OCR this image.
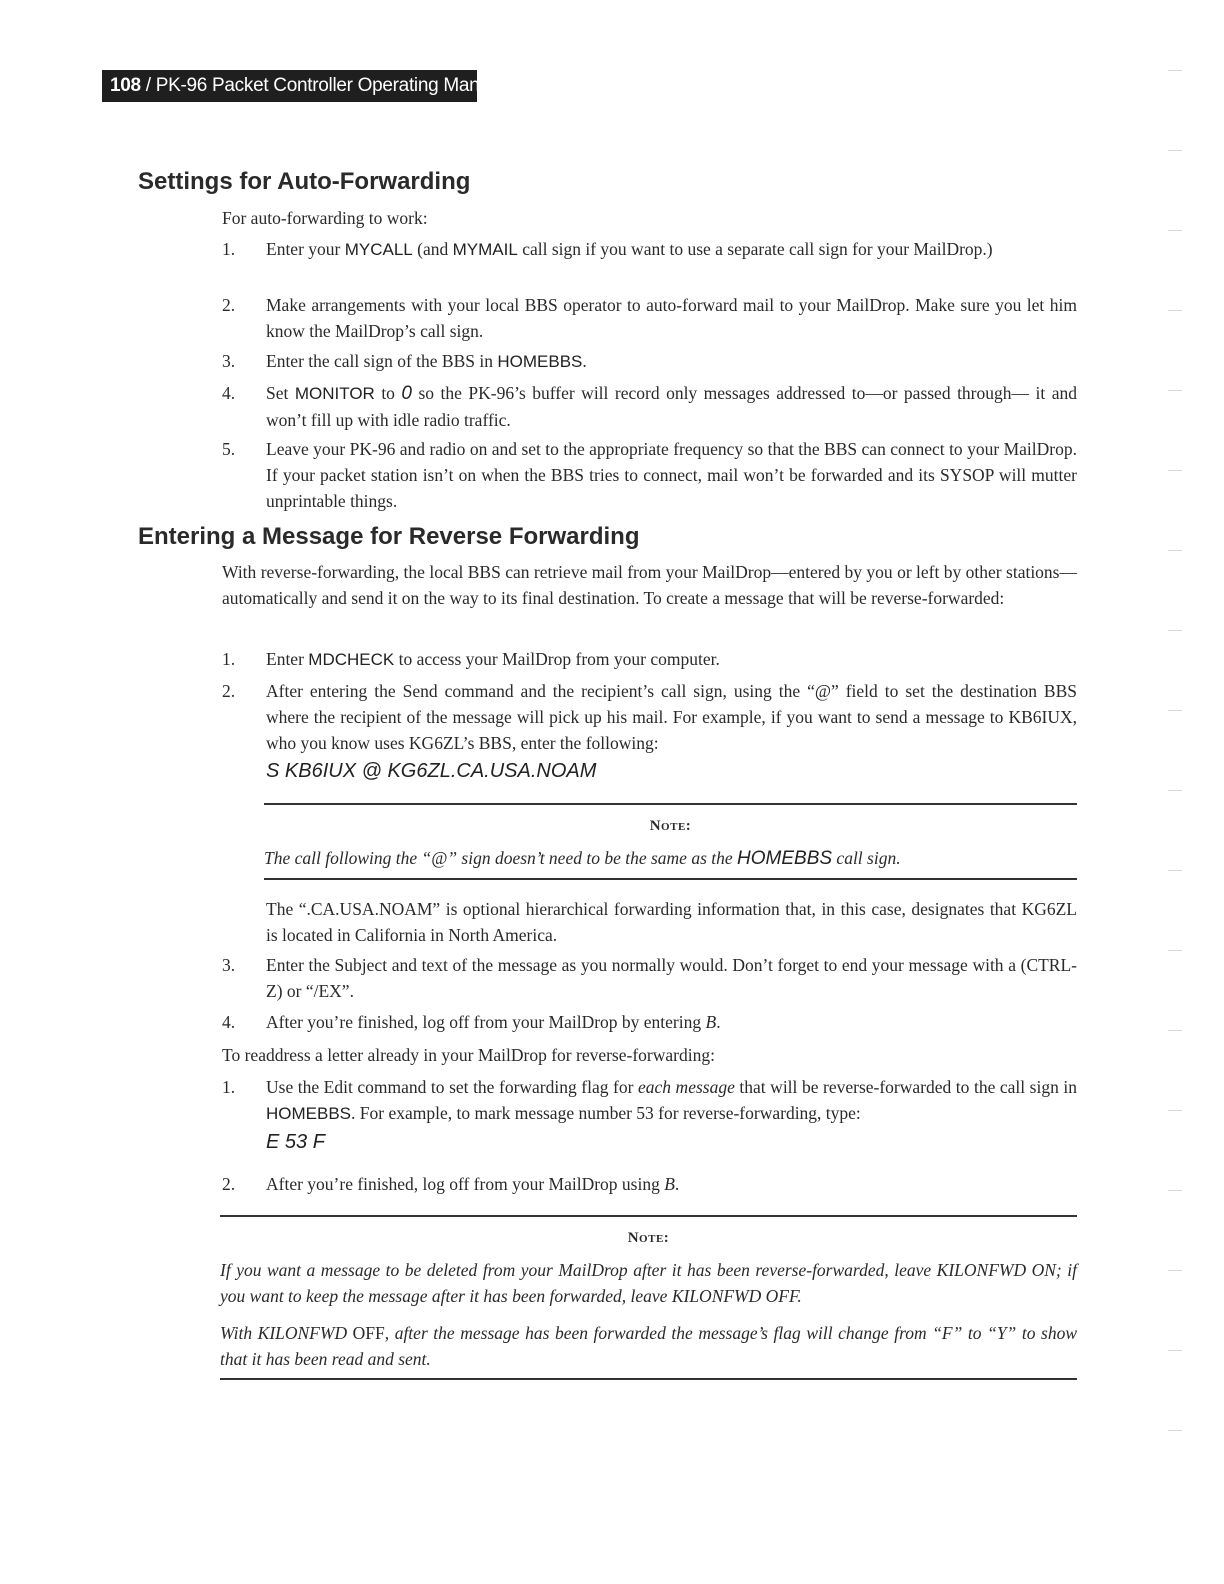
108 / PK-96 Packet Controller Operating Manual
Settings for Auto-Forwarding

For auto-forwarding to work:

1.	Enter your MYCALL (and MYMAIL call sign if you want to use a separate call sign for your MailDrop.)
2.	Make arrangements with your local BBS operator to auto-forward mail to your MailDrop. Make sure you let him know the MailDrop’s call sign.
3.	Enter the call sign of the BBS in HOMEBBS.
4.	Set MONITOR to 0 so the PK-96’s buffer will record only messages addressed to—or passed through— it and won’t fill up with idle radio traffic.
5.	Leave your PK-96 and radio on and set to the appropriate frequency so that the BBS can connect to your MailDrop. If your packet station isn’t on when the BBS tries to connect, mail won’t be forwarded and its SYSOP will mutter unprintable things.
Entering a Message for Reverse Forwarding

With reverse-forwarding, the local BBS can retrieve mail from your MailDrop—entered by you or left by other stations—automatically and send it on the way to its final destination. To create a message that will be reverse-forwarded:

1.	Enter MDCHECK to access your MailDrop from your computer.
2.	After entering the Send command and the recipient’s call sign, using the “@” field to set the destination BBS where the recipient of the message will pick up his mail. For example, if you want to send a message to KB6IUX, who you know uses KG6ZL’s BBS, enter the following:
S KB6IUX @ KG6ZL.CA.USA.NOAM
Note:
The call following the “@” sign doesn’t need to be the same as the HOMEBBS call sign.

The “.CA.USA.NOAM” is optional hierarchical forwarding information that, in this case, designates that KG6ZL is located in California in North America.

3.	Enter the Subject and text of the message as you normally would. Don’t forget to end your message with a (CTRL-Z) or “/EX”.
4.	After you’re finished, log off from your MailDrop by entering B.

To readdress a letter already in your MailDrop for reverse-forwarding:

1.	Use the Edit command to set the forwarding flag for each message that will be reverse-forwarded to the call sign in HOMEBBS. For example, to mark message number 53 for reverse-forwarding, type:
E 53 F
2.	After you’re finished, log off from your MailDrop using B.
Note:
If you want a message to be deleted from your MailDrop after it has been reverse-forwarded, leave KILONFWD ON; if you want to keep the message after it has been forwarded, leave KILONFWD OFF.
With KILONFWD OFF, after the message has been forwarded the message’s flag will change from “F” to “Y” to show that it has been read and sent.
